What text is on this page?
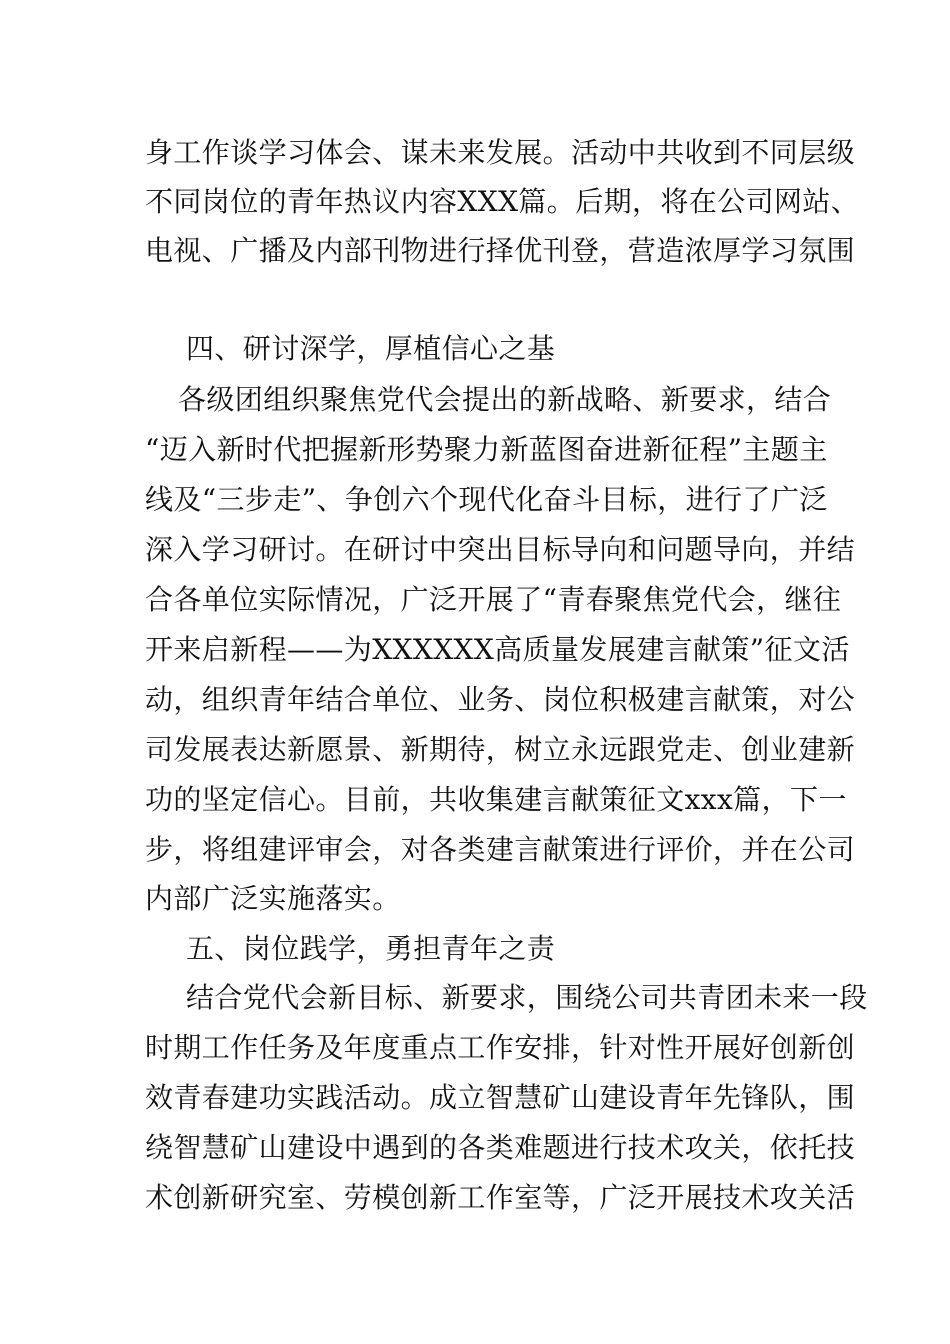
身工作谈学习体会、谋未来发展。活动中共收到不同层级
不同岗位的青年热议内容XXX篇。后期，将在公司网站、
电视、广播及内部刊物进行择优刊登，营造浓厚学习氛围
四、研讨深学，厚植信心之基
各级团组织聚焦党代会提出的新战略、新要求，结合
“迈入新时代把握新形势聚力新蓝图奋进新征程”主题主
线及“三步走”、争创六个现代化奋斗目标，进行了广泛
深入学习研讨。在研讨中突出目标导向和问题导向，并结
合各单位实际情况，广泛开展了“青春聚焦党代会，继往
开来启新程——为XXXXXX高质量发展建言献策”征文活
动，组织青年结合单位、业务、岗位积极建言献策，对公
司发展表达新愿景、新期待，树立永远跟党走、创业建新
功的坚定信心。目前，共收集建言献策征文xxx篇，下一
步，将组建评审会，对各类建言献策进行评价，并在公司
内部广泛实施落实。
五、岗位践学，勇担青年之责
结合党代会新目标、新要求，围绕公司共青团未来一段
时期工作任务及年度重点工作安排，针对性开展好创新创
效青春建功实践活动。成立智慧矿山建设青年先锋队，围
绕智慧矿山建设中遇到的各类难题进行技术攻关，依托技
术创新研究室、劳模创新工作室等，广泛开展技术攻关活
